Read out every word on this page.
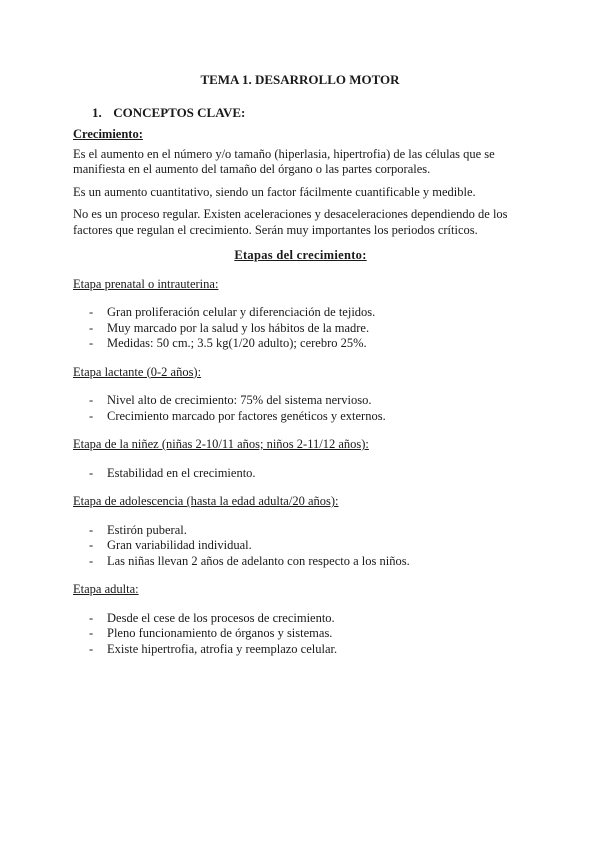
TEMA 1. DESARROLLO MOTOR
1. CONCEPTOS CLAVE:
Crecimiento:

Es el aumento en el número y/o tamaño (hiperlasia, hipertrofia) de las células que se manifiesta en el aumento del tamaño del órgano o las partes corporales.

Es un aumento cuantitativo, siendo un factor fácilmente cuantificable y medible.

No es un proceso regular. Existen aceleraciones y desaceleraciones dependiendo de los factores que regulan el crecimiento. Serán muy importantes los periodos críticos.

Etapas del crecimiento:
Etapa prenatal o intrauterina:
- Gran proliferación celular y diferenciación de tejidos.
- Muy marcado por la salud y los hábitos de la madre.
- Medidas: 50 cm.; 3.5 kg(1/20 adulto); cerebro 25%.
Etapa lactante (0-2 años):
- Nivel alto de crecimiento: 75% del sistema nervioso.
- Crecimiento marcado por factores genéticos y externos.
Etapa de la niñez (niñas 2-10/11 años; niños 2-11/12 años):
- Estabilidad en el crecimiento.
Etapa de adolescencia (hasta la edad adulta/20 años):
- Estirón puberal.
- Gran variabilidad individual.
- Las niñas llevan 2 años de adelanto con respecto a los niños.
Etapa adulta:
- Desde el cese de los procesos de crecimiento.
- Pleno funcionamiento de órganos y sistemas.
- Existe hipertrofia, atrofia y reemplazo celular.
